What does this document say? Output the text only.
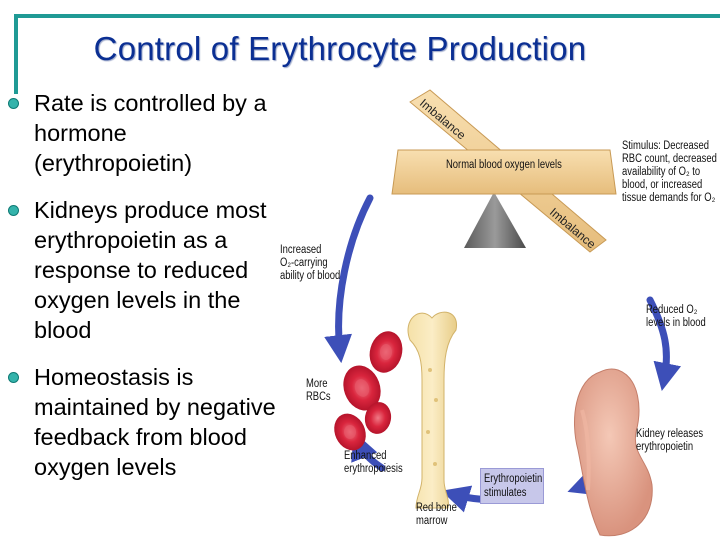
Control of Erythrocyte Production
Rate is controlled by a hormone (erythropoietin)
Kidneys produce most erythropoietin as a response to reduced oxygen levels in the blood
Homeostasis is maintained by negative feedback from blood oxygen levels
Imbalance
Imbalance
Normal blood oxygen levels
Stimulus: Decreased
RBC count, decreased
availability of O₂ to
blood, or increased
tissue demands for O₂
Reduced O₂
levels in blood
Kidney releases
erythropoietin
Erythropoietin
stimulates
Red bone
marrow
Enhanced
erythropoiesis
More
RBCs
Increased
O₂-carrying
ability of blood
